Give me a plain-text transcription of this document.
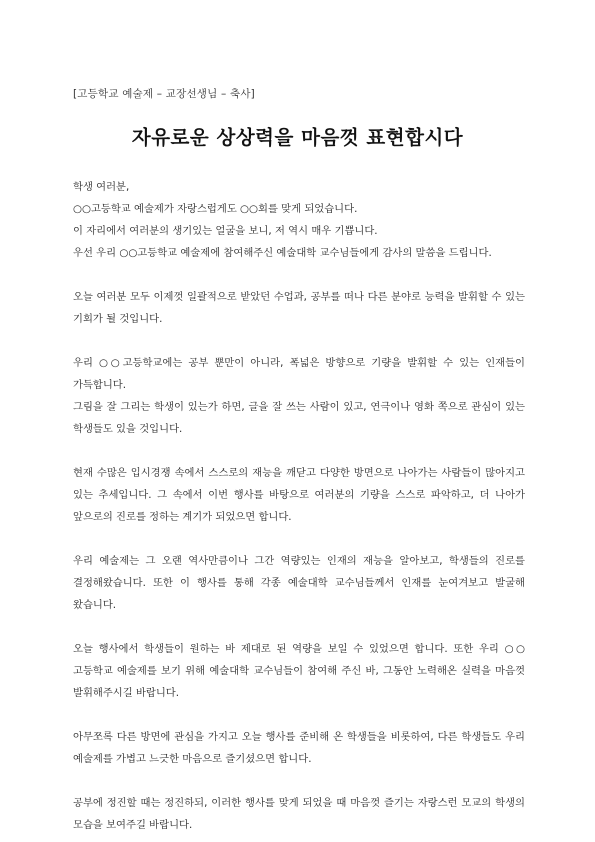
[고등학교 예술제 – 교장선생님 – 축사]
자유로운 상상력을 마음껏 표현합시다

학생 여러분,

○○고등학교 예술제가 자랑스럽게도 ○○회를 맞게 되었습니다.

이 자리에서 여러분의 생기있는 얼굴을 보니, 저 역시 매우 기쁩니다.

우선 우리 ○○고등학교 예술제에 참여해주신 예술대학 교수님들에게 감사의 말씀을 드립니다.

오늘 여러분 모두 이제껏 일괄적으로 받았던 수업과, 공부를 떠나 다른 분야로 능력을 발휘할 수 있는 기회가 될 것입니다.

우리 ○○고등학교에는 공부 뿐만이 아니라, 폭넓은 방향으로 기량을 발휘할 수 있는 인재들이 가득합니다.

그림을 잘 그리는 학생이 있는가 하면, 글을 잘 쓰는 사람이 있고, 연극이나 영화 쪽으로 관심이 있는 학생들도 있을 것입니다.

현재 수많은 입시경쟁 속에서 스스로의 재능을 깨닫고 다양한 방면으로 나아가는 사람들이 많아지고 있는 추세입니다. 그 속에서 이번 행사를 바탕으로 여러분의 기량을 스스로 파악하고, 더 나아가 앞으로의 진로를 정하는 계기가 되었으면 합니다.

우리 예술제는 그 오랜 역사만큼이나 그간 역량있는 인재의 재능을 알아보고, 학생들의 진로를 결정해왔습니다. 또한 이 행사를 통해 각종 예술대학 교수님들께서 인재를 눈여겨보고 발굴해 왔습니다.

오늘 행사에서 학생들이 원하는 바 제대로 된 역량을 보일 수 있었으면 합니다. 또한 우리 ○○고등학교 예술제를 보기 위해 예술대학 교수님들이 참여해 주신 바, 그동안 노력해온 실력을 마음껏 발휘해주시길 바랍니다.

아무쪼록 다른 방면에 관심을 가지고 오늘 행사를 준비해 온 학생들을 비롯하여, 다른 학생들도 우리 예술제를 가볍고 느긋한 마음으로 즐기셨으면 합니다.

공부에 정진할 때는 정진하되, 이러한 행사를 맞게 되었을 때 마음껏 즐기는 자랑스런 모교의 학생의 모습을 보여주길 바랍니다.
